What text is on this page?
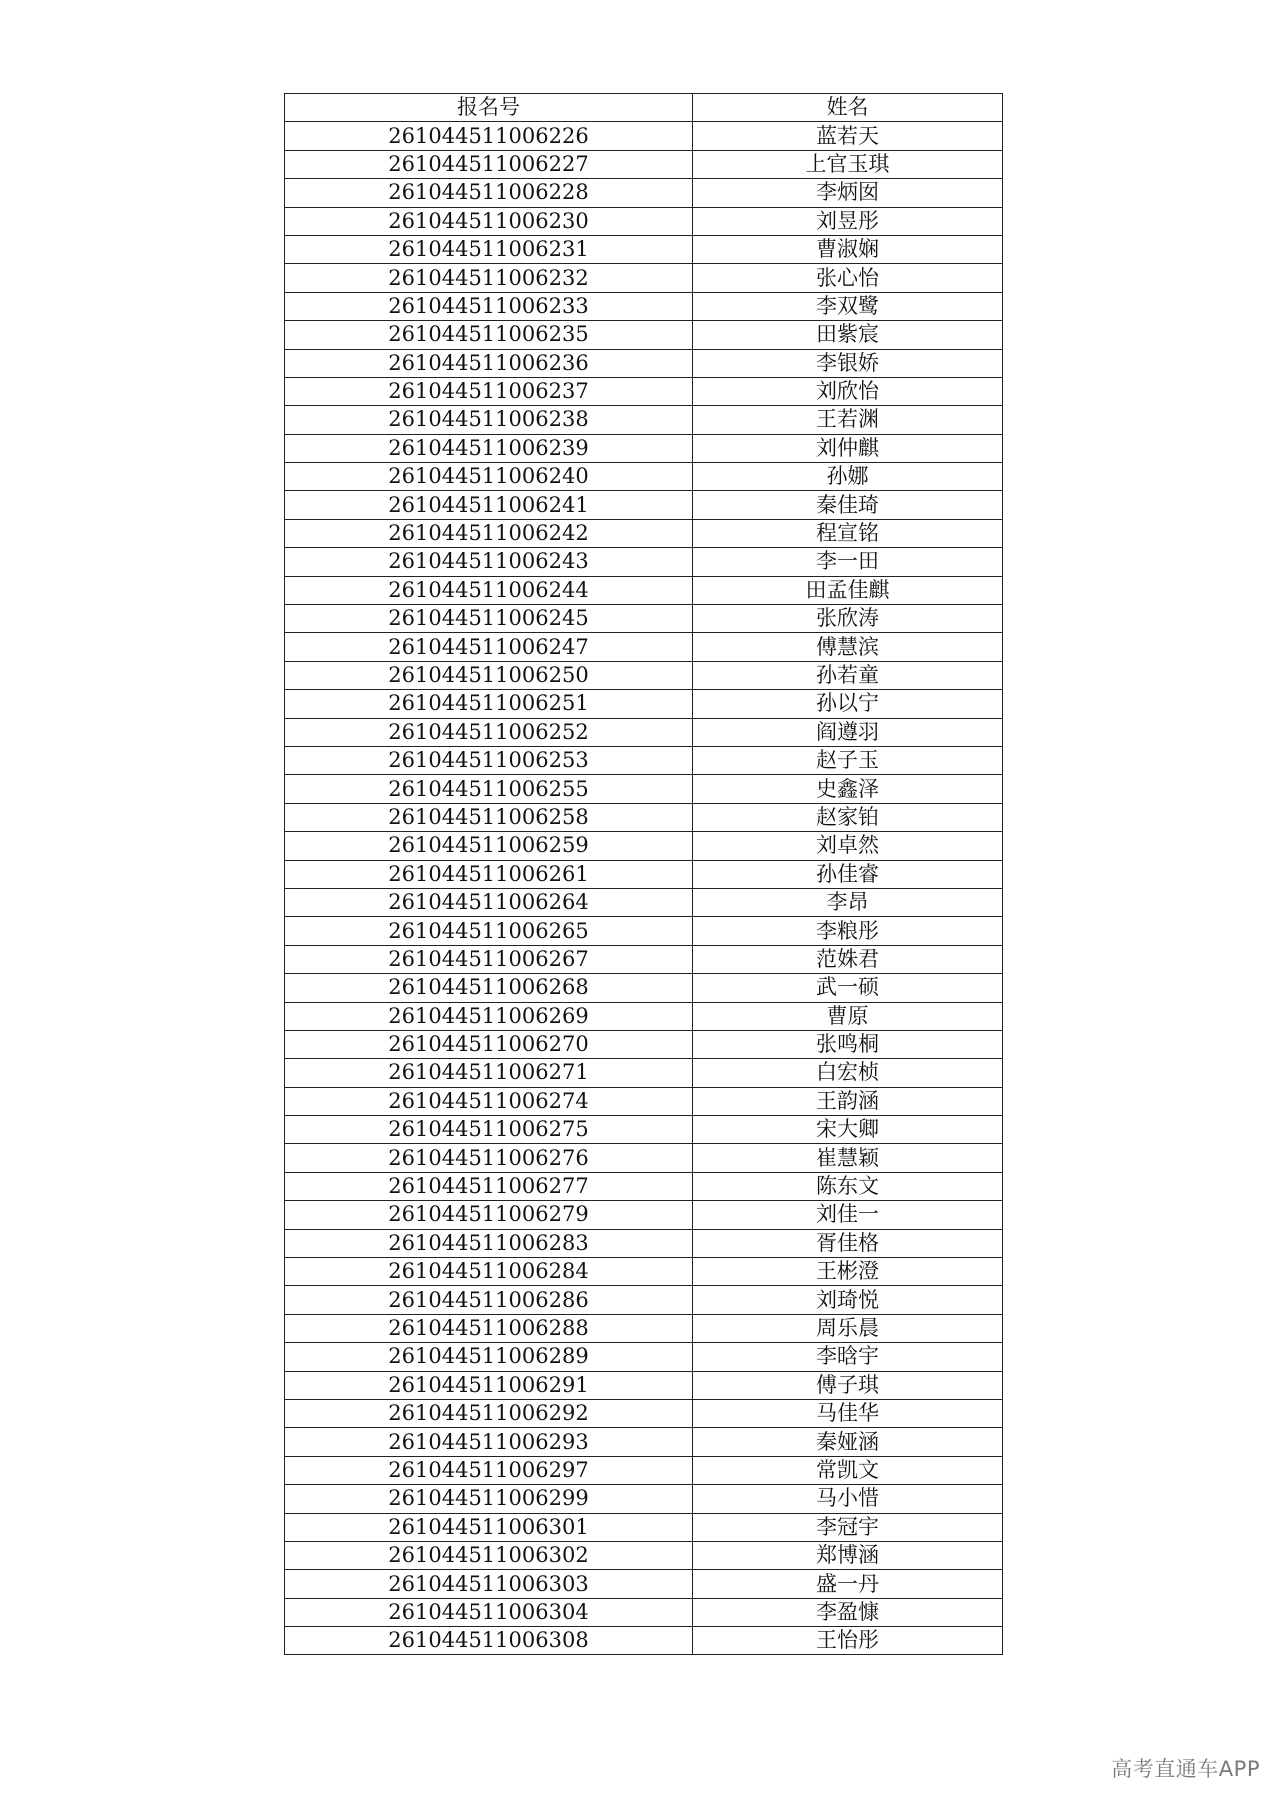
报名号	姓名
261044511006226	蓝若天
261044511006227	上官玉琪
261044511006228	李炳囡
261044511006230	刘昱彤
261044511006231	曹淑娴
261044511006232	张心怡
261044511006233	李双鹭
261044511006235	田紫宸
261044511006236	李银娇
261044511006237	刘欣怡
261044511006238	王若渊
261044511006239	刘仲麒
261044511006240	孙娜
261044511006241	秦佳琦
261044511006242	程宣铭
261044511006243	李一田
261044511006244	田孟佳麒
261044511006245	张欣涛
261044511006247	傅慧滨
261044511006250	孙若童
261044511006251	孙以宁
261044511006252	阎遵羽
261044511006253	赵子玉
261044511006255	史鑫泽
261044511006258	赵家铂
261044511006259	刘卓然
261044511006261	孙佳睿
261044511006264	李昂
261044511006265	李粮彤
261044511006267	范姝君
261044511006268	武一硕
261044511006269	曹原
261044511006270	张鸣桐
261044511006271	白宏桢
261044511006274	王韵涵
261044511006275	宋大卿
261044511006276	崔慧颖
261044511006277	陈东文
261044511006279	刘佳一
261044511006283	胥佳格
261044511006284	王彬澄
261044511006286	刘琦悦
261044511006288	周乐晨
261044511006289	李晗宇
261044511006291	傅子琪
261044511006292	马佳华
261044511006293	秦娅涵
261044511006297	常凯文
261044511006299	马小惜
261044511006301	李冠宇
261044511006302	郑博涵
261044511006303	盛一丹
261044511006304	李盈慷
261044511006308	王怡彤
高考直通车APP
